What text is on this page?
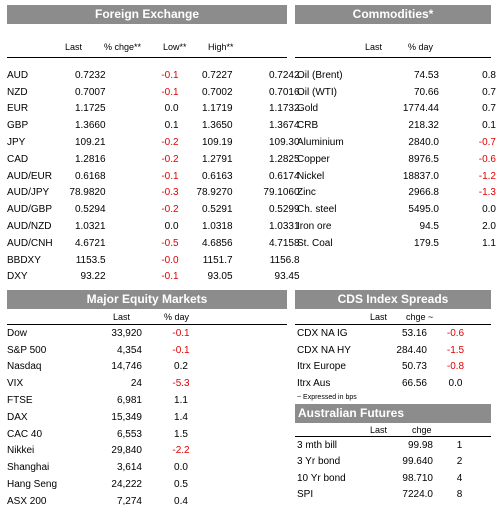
Foreign Exchange
Last % chge** Low** High**
AUD	0.7232	-0.1	0.7227	0.7242
NZD	0.7007	-0.1	0.7002	0.7016
EUR	1.1725	0.0	1.1719	1.1732
GBP	1.3660	0.1	1.3650	1.3674
JPY	109.21	-0.2	109.19	109.30
CAD	1.2816	-0.2	1.2791	1.2825
AUD/EUR	0.6168	-0.1	0.6163	0.6174
AUD/JPY	78.9820	-0.3	78.9270	79.1060
AUD/GBP	0.5294	-0.2	0.5291	0.5299
AUD/NZD	1.0321	0.0	1.0318	1.0331
AUD/CNH	4.6721	-0.5	4.6856	4.7158
BBDXY	1153.5	-0.0	1151.7	1156.8
DXY	93.22	-0.1	93.05	93.45
Commodities*
Last	% day
Oil (Brent)	74.53	0.8
Oil (WTI)	70.66	0.7
Gold	1774.44	0.7
CRB	218.32	0.1
Aluminium	2840.0	-0.7
Copper	8976.5	-0.6
Nickel	18837.0	-1.2
Zinc	2966.8	-1.3
Ch. steel	5495.0	0.0
Iron ore	94.5	2.0
St. Coal	179.5	1.1
Major Equity Markets
Last	% day
Dow	33,920	-0.1
S&P 500	4,354	-0.1
Nasdaq	14,746	0.2
VIX	24	-5.3
FTSE	6,981	1.1
DAX	15,349	1.4
CAC 40	6,553	1.5
Nikkei	29,840	-2.2
Shanghai	3,614	0.0
Hang Seng	24,222	0.5
ASX 200	7,274	0.4
CDS Index Spreads
Last chge ~
CDX NA IG	53.16	-0.6
CDX NA HY	284.40	-1.5
Itrx Europe	50.73	-0.8
Itrx Aus	66.56	0.0
~ Expressed in bps
Australian Futures
Last	chge
3 mth bill	99.98	1
3 Yr bond	99.640	2
10 Yr bond	98.710	4
SPI	7224.0	8
